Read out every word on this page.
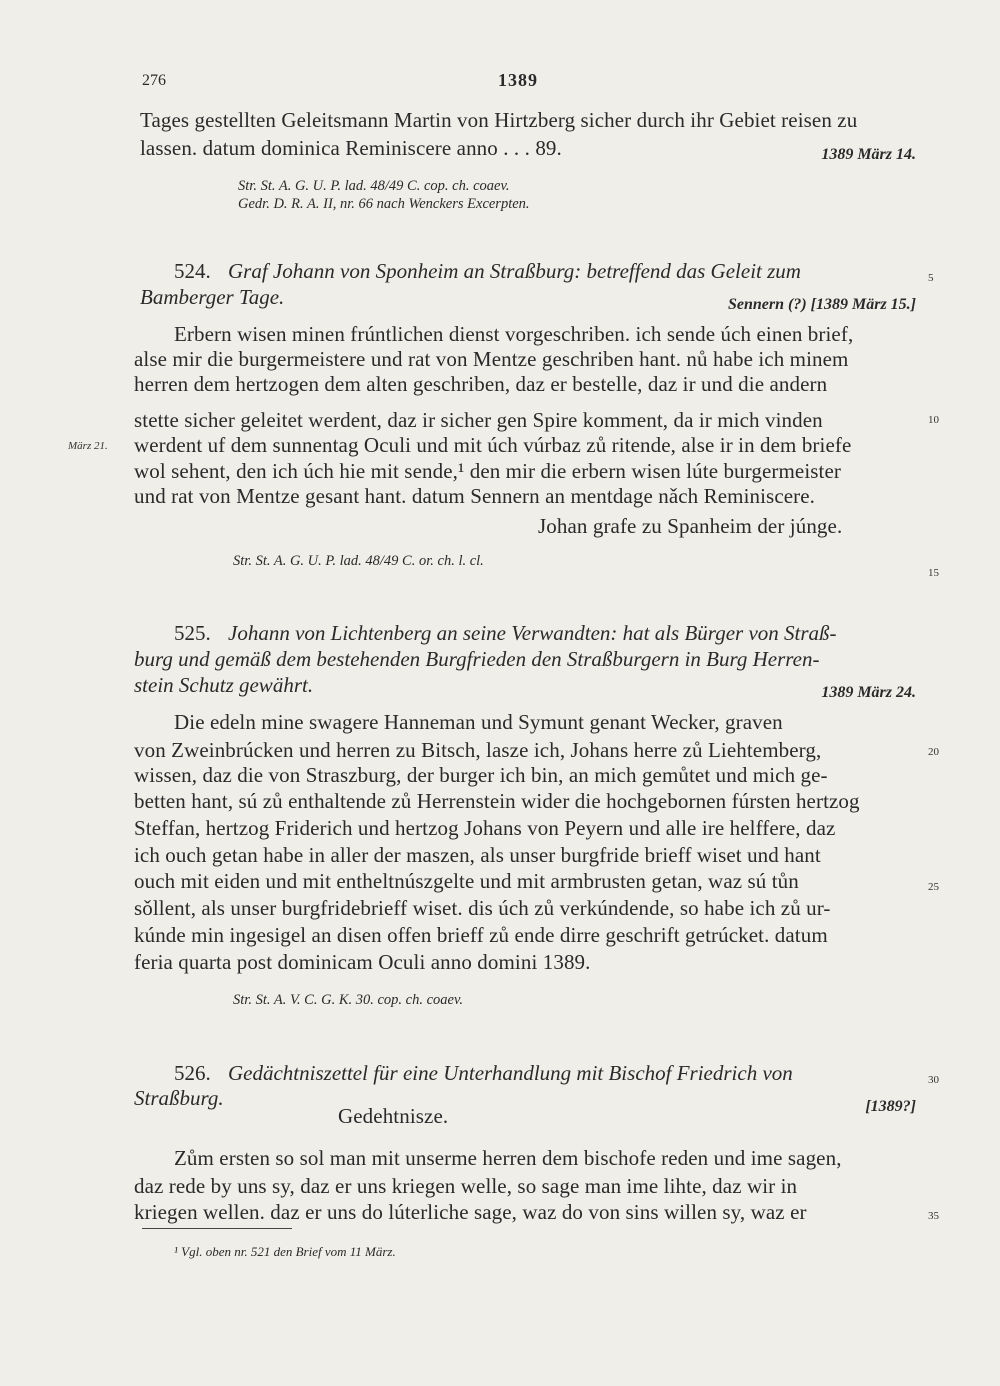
276	1389
Tages gestellten Geleitsmann Martin von Hirtzberg sicher durch ihr Gebiet reisen zu
lassen. datum dominica Reminiscere anno . . . 89.	1389 März 14.
Str. St. A. G. U. P. lad. 48/49 C. cop. ch. coaev.
Gedr. D. R. A. II, nr. 66 nach Wenckers Excerpten.
524. Graf Johann von Sponheim an Straßburg: betreffend das Geleit zum
Bamberger Tage.	Sennern (?) [1389 März 15.]
Erbern wisen minen frúntlichen dienst vorgeschriben. ich sende úch einen brief,
alse mir die burgermeistere und rat von Mentze geschriben hant. nů habe ich minem
herren dem hertzogen dem alten geschriben, daz er bestelle, daz ir und die andern
stette sicher geleitet werdent, daz ir sicher gen Spire komment, da ir mich vinden
werdent uf dem sunnentag Oculi und mit úch vúrbaz zů ritende, alse ir in dem briefe
wol sehent, den ich úch hie mit sende,¹ den mir die erbern wisen lúte burgermeister
und rat von Mentze gesant hant. datum Sennern an mentdage nǎch Reminiscere.
Johan grafe zu Spanheim der júnge.
Str. St. A. G. U. P. lad. 48/49 C. or. ch. l. cl.
März 21.
525. Johann von Lichtenberg an seine Verwandten: hat als Bürger von Straß-
burg und gemäß dem bestehenden Burgfrieden den Straßburgern in Burg Herren-
stein Schutz gewährt.	1389 März 24.
Die edeln mine swagere Hanneman und Symunt genant Wecker, graven
von Zweinbrúcken und herren zu Bitsch, lasze ich, Johans herre zů Liehtemberg,
wissen, daz die von Straszburg, der burger ich bin, an mich gemůtet und mich ge-
betten hant, sú zů enthaltende zů Herrenstein wider die hochgebornen fúrsten hertzog
Steffan, hertzog Friderich und hertzog Johans von Peyern und alle ire helffere, daz
ich ouch getan habe in aller der maszen, als unser burgfride brieff wiset und hant
ouch mit eiden und mit entheltnúszgelte und mit armbrusten getan, waz sú tůn
sǒllent, als unser burgfridebrieff wiset. dis úch zů verkúndende, so habe ich zů ur-
kúnde min ingesigel an disen offen brieff zů ende dirre geschrift getrúcket. datum
feria quarta post dominicam Oculi anno domini 1389.
Str. St. A. V. C. G. K. 30. cop. ch. coaev.
526. Gedächtniszettel für eine Unterhandlung mit Bischof Friedrich von
Straßburg.
Gedehtnisze.	[1389?]
Zům ersten so sol man mit unserme herren dem bischofe reden und ime sagen,
daz rede by uns sy, daz er uns kriegen welle, so sage man ime lihte, daz wir in
kriegen wellen. daz er uns do lúterliche sage, waz do von sins willen sy, waz er
¹ Vgl. oben nr. 521 den Brief vom 11 März.
5
10
15
20
25
30
35
